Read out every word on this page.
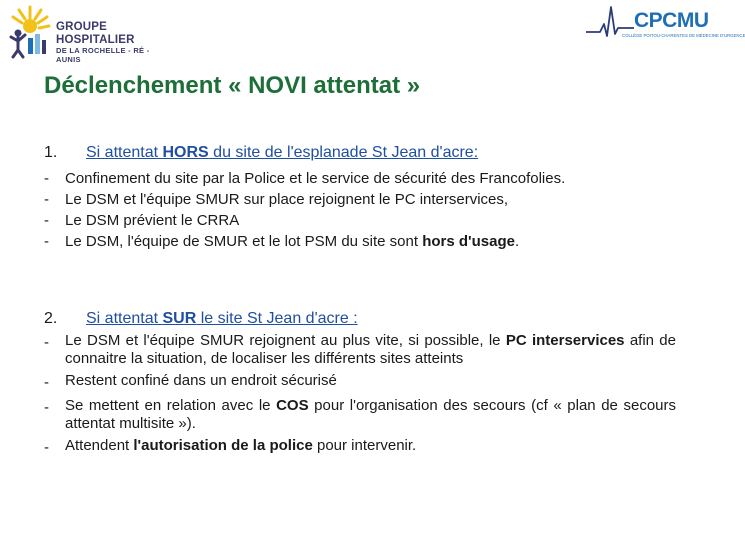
GROUPE HOSPITALIER
DE LA ROCHELLE - RÉ - AUNIS
CPCMU
COLLÈGE POITOU-CHARENTES DE MÉDECINE D'URGENCE
Déclenchement « NOVI attentat »
1. Si attentat HORS du site de l'esplanade St Jean d'acre:
-	Confinement du site par la Police et le service de sécurité des Francofolies.
-	Le DSM et l'équipe SMUR sur place rejoignent le PC interservices,
-	Le DSM prévient le CRRA
-	Le DSM, l'équipe de SMUR et le lot PSM du site sont hors d'usage.
2. Si attentat SUR le site St Jean d'acre :
-	Le DSM et l'équipe SMUR rejoignent au plus vite, si possible, le PC interservices afin de connaitre la situation, de localiser les différents sites atteints
-	Restent confiné dans un endroit sécurisé
-	Se mettent en relation avec le COS pour l'organisation des secours (cf « plan de secours attentat multisite »).
-	Attendent l'autorisation de la police pour intervenir.
